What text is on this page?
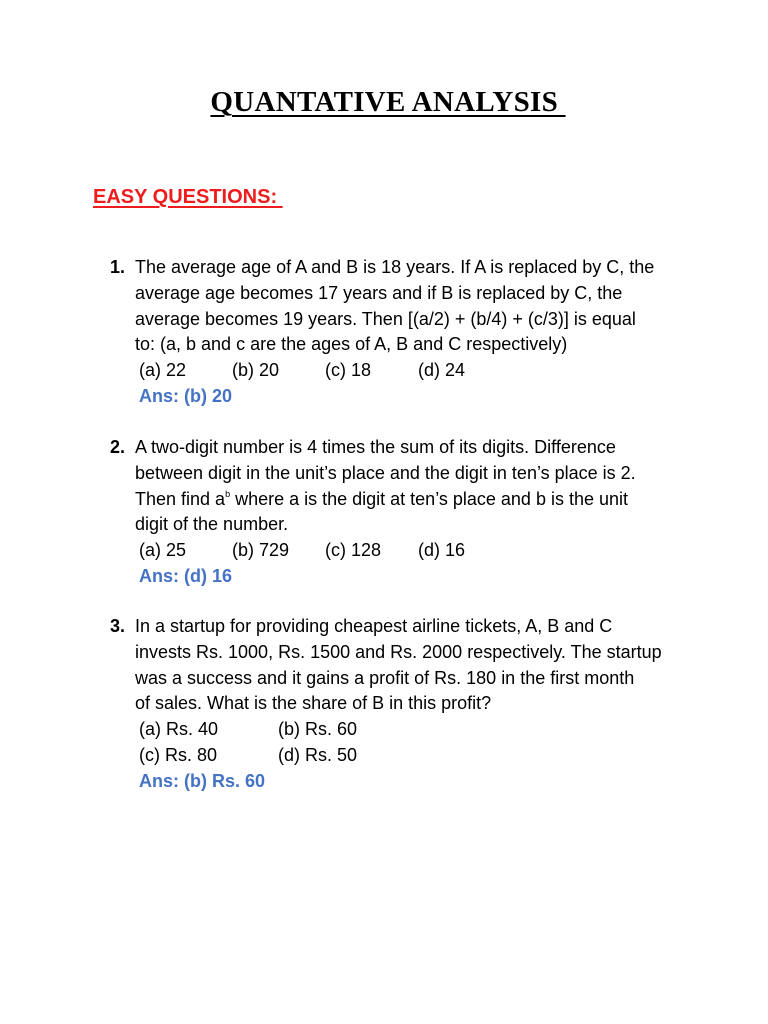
QUANTATIVE ANALYSIS
EASY QUESTIONS:
1. The average age of A and B is 18 years. If A is replaced by C, the
average age becomes 17 years and if B is replaced by C, the
average becomes 19 years. Then [(a/2) + (b/4) + (c/3)] is equal
to: (a, b and c are the ages of A, B and C respectively)
(a) 22	(b) 20	(c) 18	(d) 24
Ans: (b) 20
2. A two-digit number is 4 times the sum of its digits. Difference
between digit in the unit’s place and the digit in ten’s place is 2.
Then find $a^b$ where a is the digit at ten’s place and b is the unit
digit of the number.
(a) 25	(b) 729 (c) 128 (d) 16
Ans: (d) 16
3. In a startup for providing cheapest airline tickets, A, B and C
invests Rs. 1000, Rs. 1500 and Rs. 2000 respectively. The startup
was a success and it gains a profit of Rs. 180 in the first month
of sales. What is the share of B in this profit?
(a) Rs. 40	(b) Rs. 60
(c) Rs. 80	(d) Rs. 50
Ans: (b) Rs. 60
